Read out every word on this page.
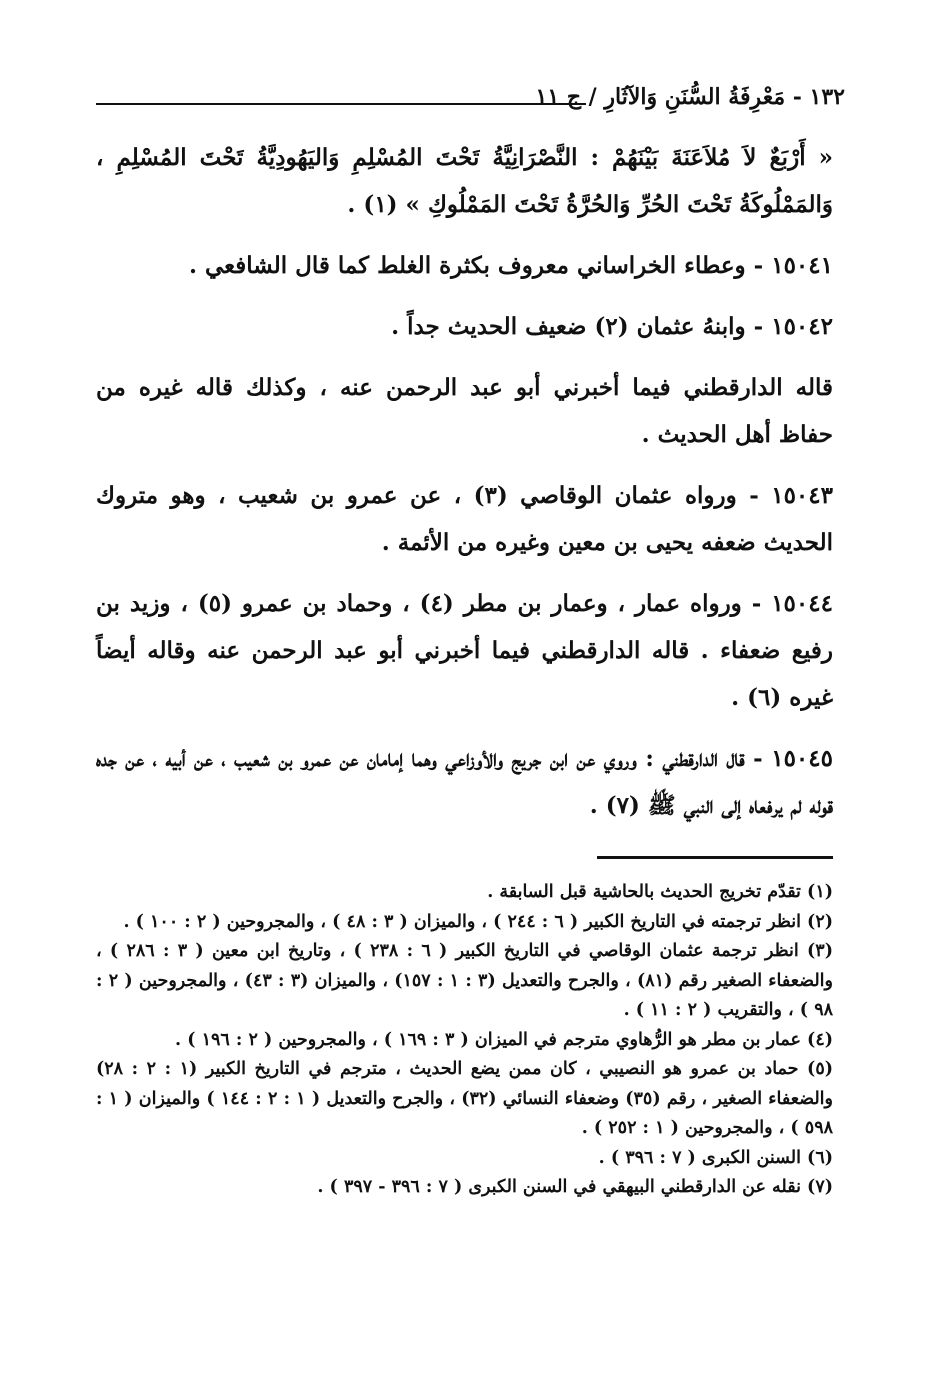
١٣٢ - مَعْرِفَةُ السُّنَنِ وَالآثَارِ / ج ١١

« أَرْبَعٌ لاَ مُلاَعَنَةَ بَيْنَهُمْ : النَّصْرَانِيَّةُ تَحْتَ المُسْلِمِ وَاليَهُودِيَّةُ تَحْتَ المُسْلِمِ ، وَالمَمْلُوكَةُ تَحْتَ الحُرِّ وَالحُرَّةُ تَحْتَ المَمْلُوكِ » (١) .

١٥٠٤١ - وعطاء الخراساني معروف بكثرة الغلط كما قال الشافعي .

١٥٠٤٢ - وابنهُ عثمان (٢) ضعيف الحديث جداً .

قاله الدارقطني فيما أخبرني أبو عبد الرحمن عنه ، وكذلك قاله غيره من حفاظ أهل الحديث .

١٥٠٤٣ - ورواه عثمان الوقاصي (٣) ، عن عمرو بن شعيب ، وهو متروك الحديث ضعفه يحيى بن معين وغيره من الأئمة .

١٥٠٤٤ - ورواه عمار ، وعمار بن مطر (٤) ، وحماد بن عمرو (٥) ، وزيد بن رفيع ضعفاء . قاله الدارقطني فيما أخبرني أبو عبد الرحمن عنه وقاله أيضاً غيره (٦) .

١٥٠٤٥ - قال الدارقطني : وروي عن ابن جريج والأوزاعي وهما إمامان عن عمرو بن شعيب ، عن أبيه ، عن جده قوله لم يرفعاه إلى النبي ﷺ (٧) .

(١) تقدّم تخريج الحديث بالحاشية قبل السابقة .

(٢) انظر ترجمته في التاريخ الكبير ( ٦ : ٢٤٤ ) ، والميزان ( ٣ : ٤٨ ) ، والمجروحين ( ٢ : ١٠٠ ) .

(٣) انظر ترجمة عثمان الوقاصي في التاريخ الكبير ( ٦ : ٢٣٨ ) ، وتاريخ ابن معين ( ٣ : ٢٨٦ ) ، والضعفاء الصغير رقم (٨١) ، والجرح والتعديل (٣ : ١ : ١٥٧) ، والميزان (٣ : ٤٣) ، والمجروحين ( ٢ : ٩٨ ) ، والتقريب ( ٢ : ١١ ) .

(٤) عمار بن مطر هو الرُّهاوي مترجم في الميزان ( ٣ : ١٦٩ ) ، والمجروحين ( ٢ : ١٩٦ ) .

(٥) حماد بن عمرو هو النصيبي ، كان ممن يضع الحديث ، مترجم في التاريخ الكبير (١ : ٢ : ٢٨) والضعفاء الصغير ، رقم (٣٥) وضعفاء النسائي (٣٢) ، والجرح والتعديل ( ١ : ٢ : ١٤٤ ) والميزان ( ١ : ٥٩٨ ) ، والمجروحين ( ١ : ٢٥٢ ) .

(٦) السنن الكبرى ( ٧ : ٣٩٦ ) .

(٧) نقله عن الدارقطني البيهقي في السنن الكبرى ( ٧ : ٣٩٦ - ٣٩٧ ) .
